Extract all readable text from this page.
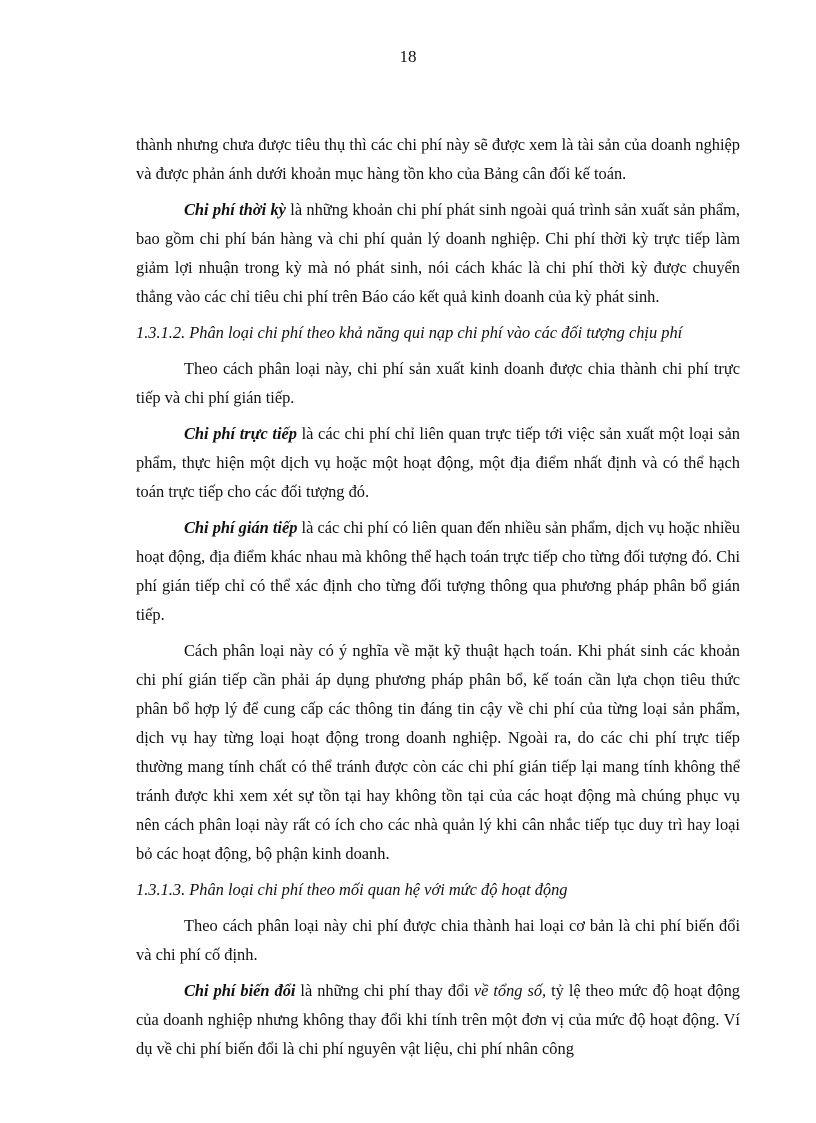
18

thành nhưng chưa được tiêu thụ thì các chi phí này sẽ được xem là tài sản của doanh nghiệp và được phản ánh dưới khoản mục hàng tồn kho của Bảng cân đối kế toán.

Chi phí thời kỳ là những khoản chi phí phát sinh ngoài quá trình sản xuất sản phẩm, bao gồm chi phí bán hàng và chi phí quản lý doanh nghiệp. Chi phí thời kỳ trực tiếp làm giảm lợi nhuận trong kỳ mà nó phát sinh, nói cách khác là chi phí thời kỳ được chuyển thẳng vào các chỉ tiêu chi phí trên Báo cáo kết quả kinh doanh của kỳ phát sinh.

1.3.1.2. Phân loại chi phí theo khả năng qui nạp chi phí vào các đối tượng chịu phí

Theo cách phân loại này, chi phí sản xuất kinh doanh được chia thành chi phí trực tiếp và chi phí gián tiếp.

Chi phí trực tiếp là các chi phí chỉ liên quan trực tiếp tới việc sản xuất một loại sản phẩm, thực hiện một dịch vụ hoặc một hoạt động, một địa điểm nhất định và có thể hạch toán trực tiếp cho các đối tượng đó.

Chi phí gián tiếp là các chi phí có liên quan đến nhiều sản phẩm, dịch vụ hoặc nhiều hoạt động, địa điểm khác nhau mà không thể hạch toán trực tiếp cho từng đối tượng đó. Chi phí gián tiếp chỉ có thể xác định cho từng đối tượng thông qua phương pháp phân bổ gián tiếp.

Cách phân loại này có ý nghĩa về mặt kỹ thuật hạch toán. Khi phát sinh các khoản chi phí gián tiếp cần phải áp dụng phương pháp phân bổ, kế toán cần lựa chọn tiêu thức phân bổ hợp lý để cung cấp các thông tin đáng tin cậy về chi phí của từng loại sản phẩm, dịch vụ hay từng loại hoạt động trong doanh nghiệp. Ngoài ra, do các chi phí trực tiếp thường mang tính chất có thể tránh được còn các chi phí gián tiếp lại mang tính không thể tránh được khi xem xét sự tồn tại hay không tồn tại của các hoạt động mà chúng phục vụ nên cách phân loại này rất có ích cho các nhà quản lý khi cân nhắc tiếp tục duy trì hay loại bỏ các hoạt động, bộ phận kinh doanh.

1.3.1.3. Phân loại chi phí theo mối quan hệ với mức độ hoạt động

Theo cách phân loại này chi phí được chia thành hai loại cơ bản là chi phí biến đổi và chi phí cố định.

Chi phí biến đổi là những chi phí thay đổi về tổng số, tỷ lệ theo mức độ hoạt động của doanh nghiệp nhưng không thay đổi khi tính trên một đơn vị của mức độ hoạt động. Ví dụ về chi phí biến đổi là chi phí nguyên vật liệu, chi phí nhân công
